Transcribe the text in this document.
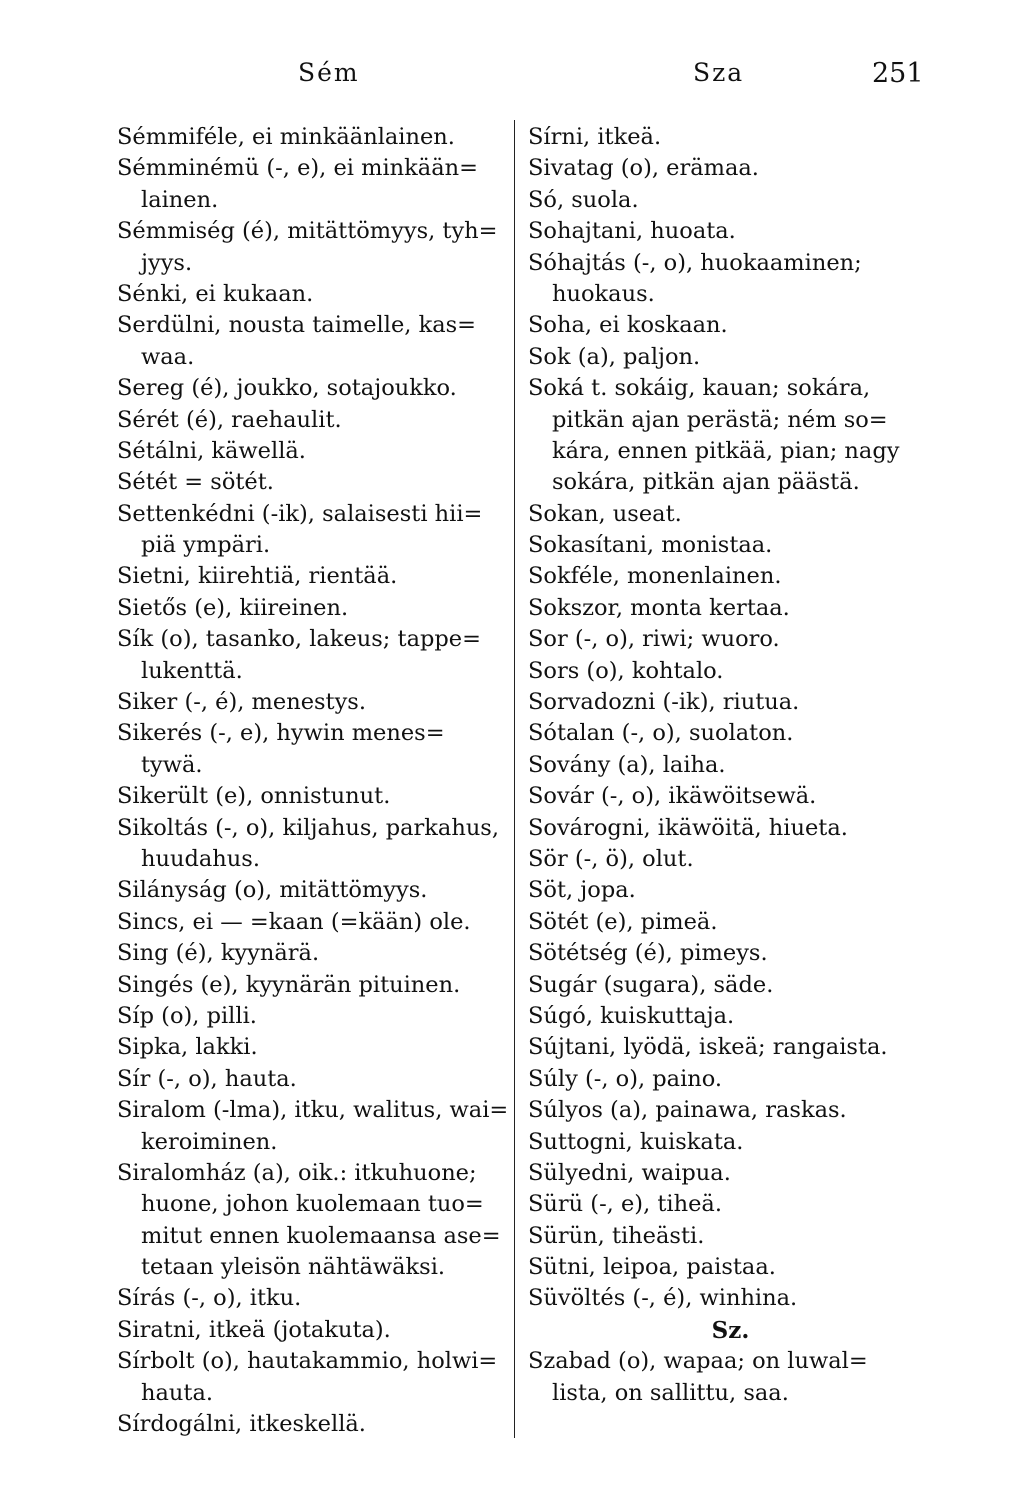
Sém	Sza	251
Sémmiféle, ei minkäänlainen.
Sémminémü (-, e), ei minkään=
lainen.
Sémmiség (é), mitättömyys, tyh=
jyys.
Sénki, ei kukaan.
Serdülni, nousta taimelle, kas=
waa.
Sereg (é), joukko, sotajoukko.
Sérét (é), raehaulit.
Sétálni, käwellä.
Sétét = sötét.
Settenkédni (-ik), salaisesti hii=
piä ympäri.
Sietni, kiirehtiä, rientää.
Sietős (e), kiireinen.
Sík (o), tasanko, lakeus; tappe=
lukenttä.
Siker (-, é), menestys.
Sikerés (-, e), hywin menes=
tywä.
Sikerült (e), onnistunut.
Sikoltás (-, o), kiljahus, parkahus,
huudahus.
Silányság (o), mitättömyys.
Sincs, ei — =kaan (=kään) ole.
Sing (é), kyynärä.
Singés (e), kyynärän pituinen.
Síp (o), pilli.
Sipka, lakki.
Sír (-, o), hauta.
Siralom (-lma), itku, walitus, wai=
keroiminen.
Siralomház (a), oik.: itkuhuone;
huone, johon kuolemaan tuo=
mitut ennen kuolemaansa ase=
tetaan yleisön nähtäwäksi.
Sírás (-, o), itku.
Siratni, itkeä (jotakuta).
Sírbolt (o), hautakammio, holwi=
hauta.
Sírdogálni, itkeskellä.
Sírni, itkeä.
Sivatag (o), erämaa.
Só, suola.
Sohajtani, huoata.
Sóhajtás (-, o), huokaaminen;
huokaus.
Soha, ei koskaan.
Sok (a), paljon.
Soká t. sokáig, kauan; sokára,
pitkän ajan perästä; ném so=
kára, ennen pitkää, pian; nagy
sokára, pitkän ajan päästä.
Sokan, useat.
Sokasítani, monistaa.
Sokféle, monenlainen.
Sokszor, monta kertaa.
Sor (-, o), riwi; wuoro.
Sors (o), kohtalo.
Sorvadozni (-ik), riutua.
Sótalan (-, o), suolaton.
Sovány (a), laiha.
Sovár (-, o), ikäwöitsewä.
Sovárogni, ikäwöitä, hiueta.
Sör (-, ö), olut.
Söt, jopa.
Sötét (e), pimeä.
Sötétség (é), pimeys.
Sugár (sugara), säde.
Súgó, kuiskuttaja.
Sújtani, lyödä, iskeä; rangaista.
Súly (-, o), paino.
Súlyos (a), painawa, raskas.
Suttogni, kuiskata.
Sülyedni, waipua.
Sürü (-, e), tiheä.
Sürün, tiheästi.
Sütni, leipoa, paistaa.
Süvöltés (-, é), winhina.
Sz.
Szabad (o), wapaa; on luwal=
lista, on sallittu, saa.
